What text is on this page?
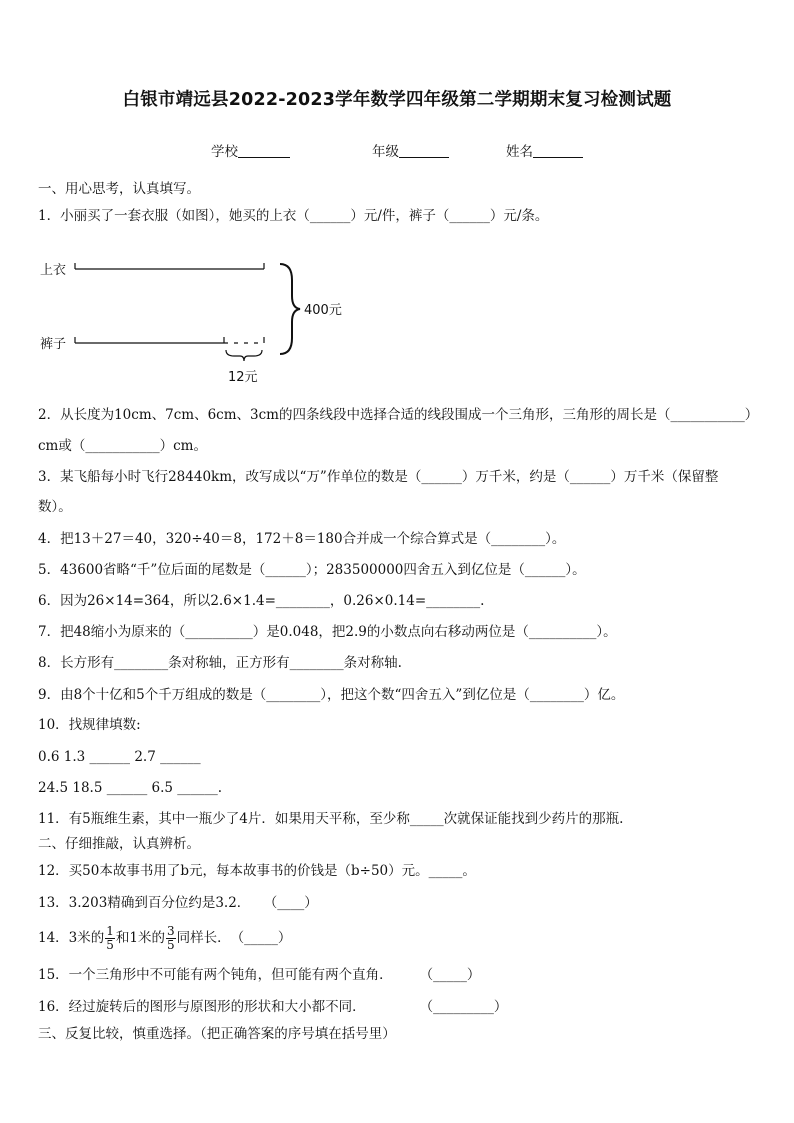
白银市靖远县2022-2023学年数学四年级第二学期期末复习检测试题
学校	年级	姓名
一、用心思考，认真填写。
1．小丽买了一套衣服（如图），她买的上衣（______）元/件，裤子（______）元/条。
上衣
400元
裤子
12元
2．从长度为10cm、7cm、6cm、3cm的四条线段中选择合适的线段围成一个三角形，三角形的周长是（___________）
cm或（___________）cm。
3．某飞船每小时飞行28440km，改写成以“万”作单位的数是（______）万千米，约是（______）万千米（保留整
数）。
4．把13＋27＝40，320÷40＝8，172＋8＝180合并成一个综合算式是（________）。
5．43600省略“千”位后面的尾数是（______）；283500000四舍五入到亿位是（______）。
6．因为26×14=364，所以2.6×1.4=________，0.26×0.14=________.
7．把48缩小为原来的（__________）是0.048，把2.9的小数点向右移动两位是（__________）。
8．长方形有________条对称轴，正方形有________条对称轴.
9．由8个十亿和5个千万组成的数是（________），把这个数“四舍五入”到亿位是（________）亿。
10．找规律填数:
0.6 1.3 ______ 2.7 ______
24.5 18.5 ______ 6.5 ______.
11．有5瓶维生素，其中一瓶少了4片．如果用天平称，至少称_____次就保证能找到少药片的那瓶.
二、仔细推敲，认真辨析。
12．买50本故事书用了b元，每本故事书的价钱是（b÷50）元。_____。
13．3.203精确到百分位约是3.2．　　（____）
14．3米的 $\frac{1}{5}$ 和1米的 $\frac{3}{5}$ 同样长．　（_____）
15．一个三角形中不可能有两个钝角，但可能有两个直角．　　　（_____）
16．经过旋转后的图形与原图形的形状和大小都不同．　　　　　（_________）
三、反复比较，慎重选择。（把正确答案的序号填在括号里）
